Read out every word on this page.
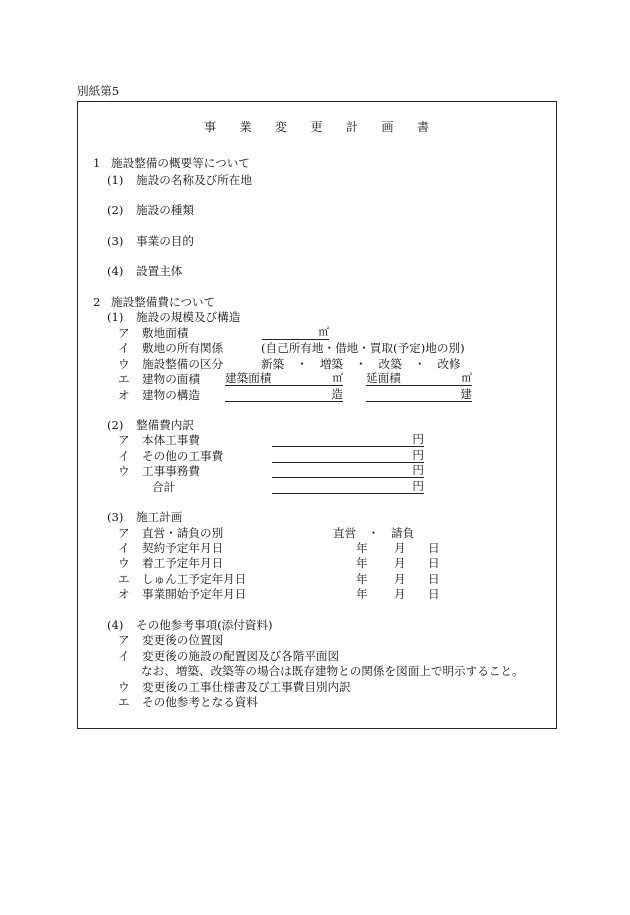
別紙第5
事業変更計画書
1 施設整備の概要等について
(1) 施設の名称及び所在地
(2) 施設の種類
(3) 事業の目的
(4) 設置主体
2 施設整備費について
(1) 施設の規模及び構造
ア 敷地面積	㎡
イ 敷地の所有関係	(自己所有地・借地・買取(予定)地の別)
ウ 施設整備の区分	新築 ・ 増築 ・ 改築 ・ 改修
エ 建物の面積 建築面積	㎡ 延面積	㎡
オ 建物の構造	造	建
(2) 整備費内訳
ア 本体工事費	円
イ その他の工事費	円
ウ 工事事務費	円
合計	円
(3) 施工計画
ア 直営・請負の別	直営 ・ 請負
イ 契約予定年月日	年 月 日
ウ 着工予定年月日	年 月 日
エ しゅん工予定年月日	年 月 日
オ 事業開始予定年月日	年 月 日
(4) その他参考事項(添付資料)
ア 変更後の位置図
イ 変更後の施設の配置図及び各階平面図
なお、増築、改築等の場合は既存建物との関係を図面上で明示すること。
ウ 変更後の工事仕様書及び工事費目別内訳
エ その他参考となる資料
